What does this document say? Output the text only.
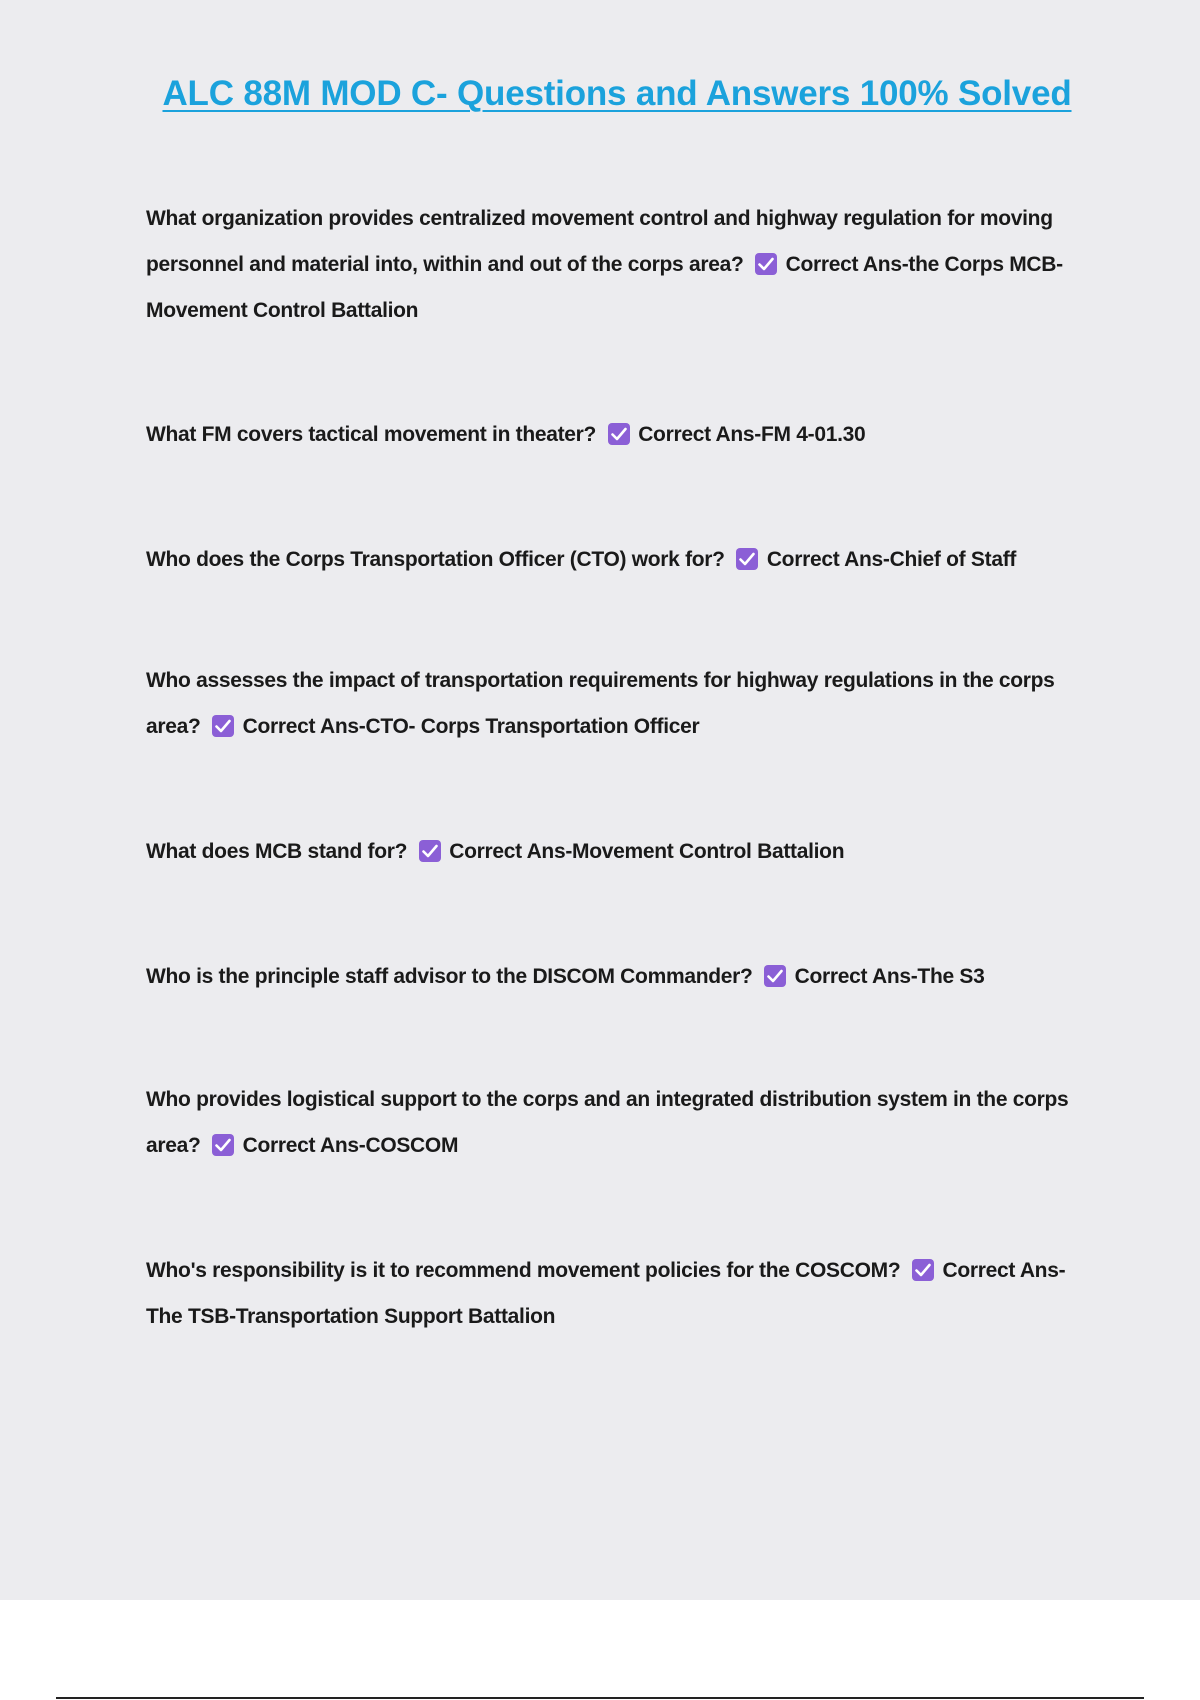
ALC 88M MOD C- Questions and Answers 100% Solved
What organization provides centralized movement control and highway regulation for moving personnel and material into, within and out of the corps area? Correct Ans-the Corps MCB-Movement Control Battalion
What FM covers tactical movement in theater? Correct Ans-FM 4-01.30
Who does the Corps Transportation Officer (CTO) work for? Correct Ans-Chief of Staff
Who assesses the impact of transportation requirements for highway regulations in the corps area? Correct Ans-CTO- Corps Transportation Officer
What does MCB stand for? Correct Ans-Movement Control Battalion
Who is the principle staff advisor to the DISCOM Commander? Correct Ans-The S3
Who provides logistical support to the corps and an integrated distribution system in the corps area? Correct Ans-COSCOM
Who's responsibility is it to recommend movement policies for the COSCOM? Correct Ans-The TSB-Transportation Support Battalion
